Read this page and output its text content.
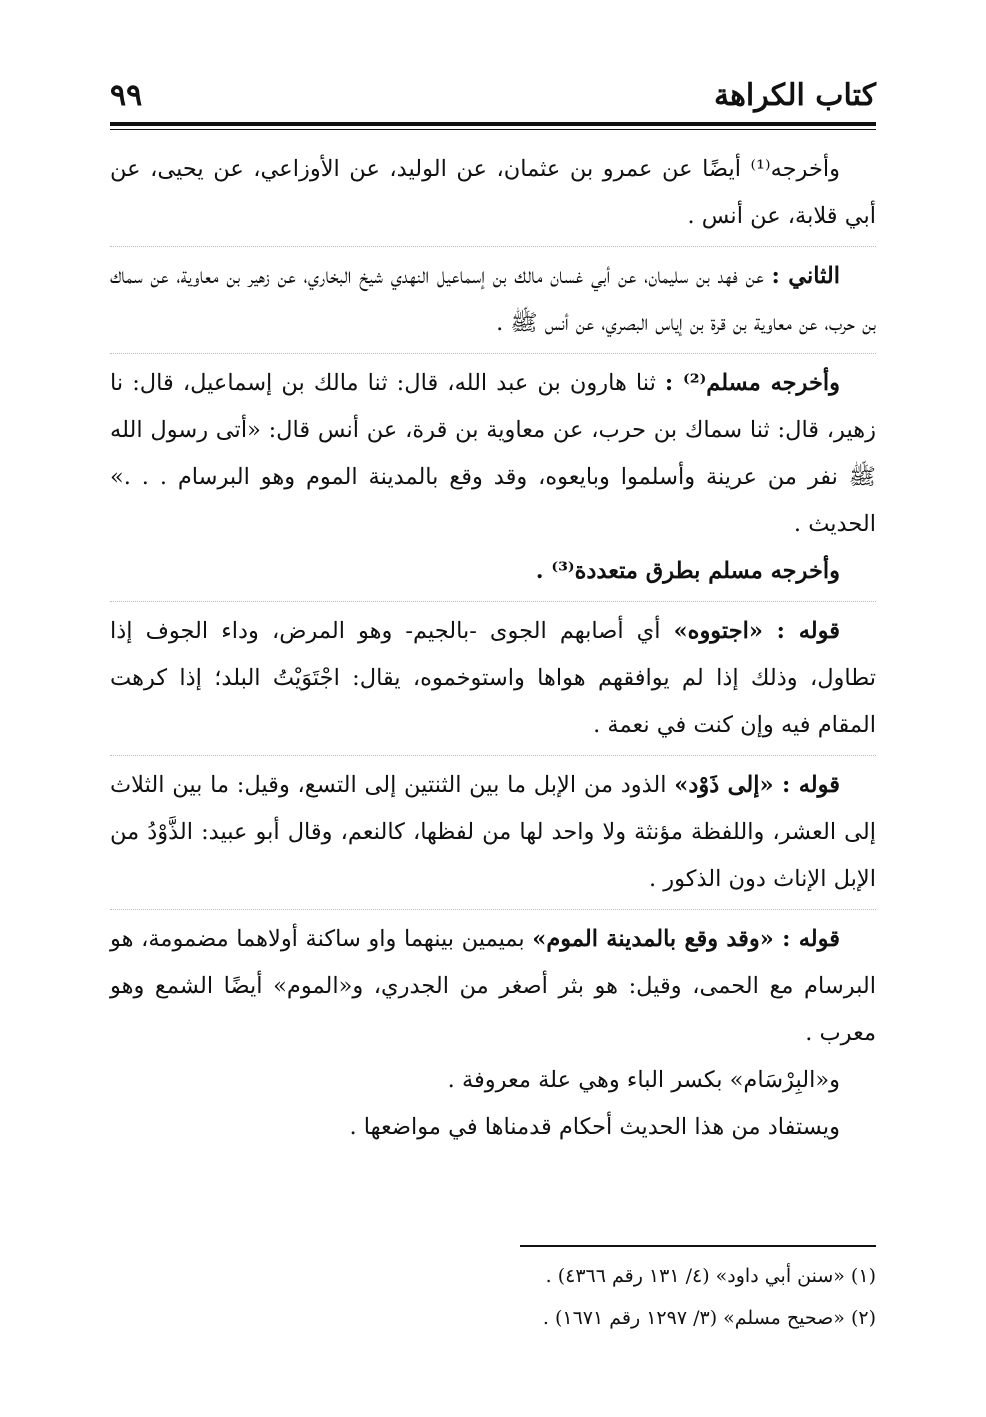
كتاب الكراهة
٩٩

وأخرجه⁽¹⁾ أيضًا عن عمرو بن عثمان، عن الوليد، عن الأوزاعي، عن يحيى، عن أبي قلابة، عن أنس .

الثاني : عن فهد بن سليمان، عن أبي غسان مالك بن إسماعيل النهدي شيخ البخاري، عن زهير بن معاوية، عن سماك بن حرب، عن معاوية بن قرة بن إياس البصري، عن أنس ﷺ .

وأخرجه مسلم⁽²⁾ : ثنا هارون بن عبد الله، قال: ثنا مالك بن إسماعيل، قال: نا زهير، قال: ثنا سماك بن حرب، عن معاوية بن قرة، عن أنس قال: «أتى رسول الله ﷺ نفر من عرينة وأسلموا وبايعوه، وقد وقع بالمدينة الموم وهو البرسام . . .» الحديث .

وأخرجه مسلم بطرق متعددة⁽³⁾ .

قوله : «اجتووه» أي أصابهم الجوى -بالجيم- وهو المرض، وداء الجوف إذا تطاول، وذلك إذا لم يوافقهم هواها واستوخموه، يقال: اجْتَوَيْتُ البلد؛ إذا كرهت المقام فيه وإن كنت في نعمة .

قوله : «إلى ذَوْد» الذود من الإبل ما بين الثنتين إلى التسع، وقيل: ما بين الثلاث إلى العشر، واللفظة مؤنثة ولا واحد لها من لفظها، كالنعم، وقال أبو عبيد: الذَّوْدُ من الإبل الإناث دون الذكور .

قوله : «وقد وقع بالمدينة الموم» بميمين بينهما واو ساكنة أولاهما مضمومة، هو البرسام مع الحمى، وقيل: هو بثر أصغر من الجدري، و«الموم» أيضًا الشمع وهو معرب .

و«البِرْسَام» بكسر الباء وهي علة معروفة .

ويستفاد من هذا الحديث أحكام قدمناها في مواضعها .

(١) «سنن أبي داود» (٤/ ١٣١ رقم ٤٣٦٦) .

(٢) «صحيح مسلم» (٣/ ١٢٩٧ رقم ١٦٧١) .
